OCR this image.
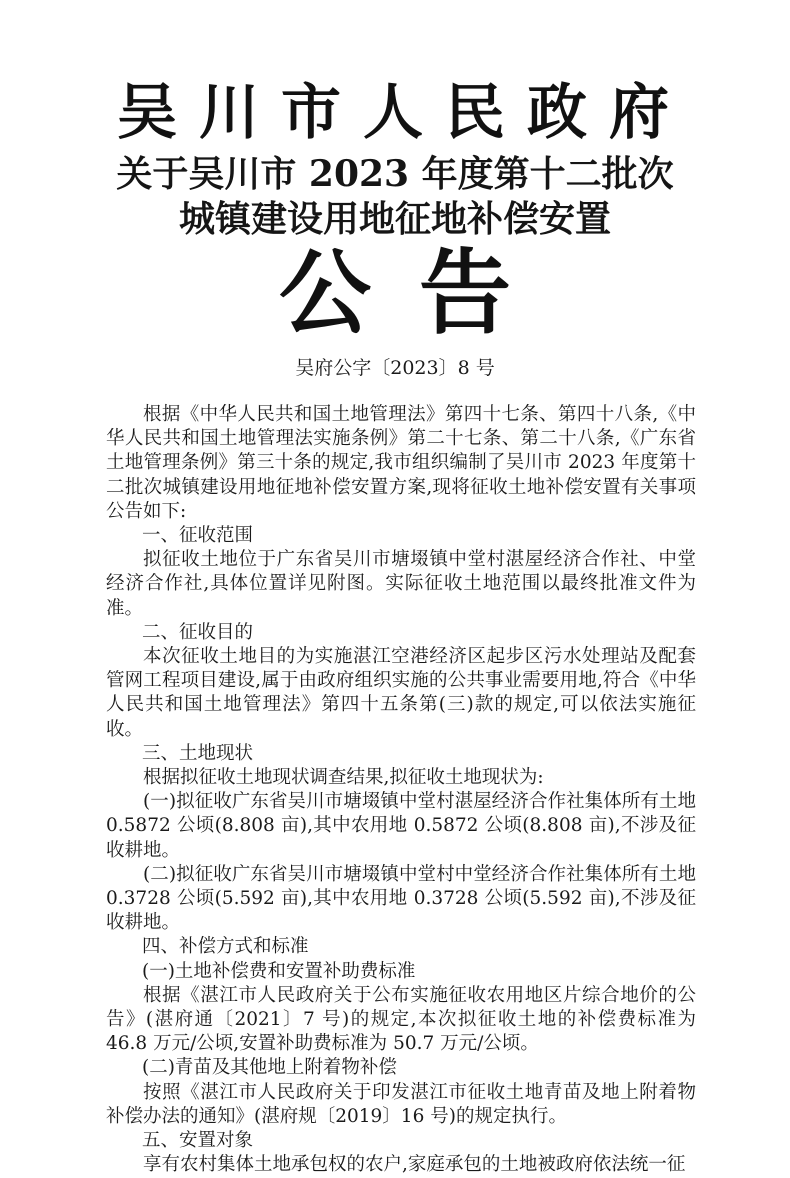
吴川市人民政府
关于吴川市 2023 年度第十二批次
城镇建设用地征地补偿安置
公告
吴府公字〔2023〕8 号

根据《中华人民共和国土地管理法》第四十七条、第四十八条,《中华人民共和国土地管理法实施条例》第二十七条、第二十八条,《广东省土地管理条例》第三十条的规定,我市组织编制了吴川市 2023 年度第十二批次城镇建设用地征地补偿安置方案,现将征收土地补偿安置有关事项公告如下:

一、征收范围

拟征收土地位于广东省吴川市塘㙍镇中堂村湛屋经济合作社、中堂经济合作社,具体位置详见附图。实际征收土地范围以最终批准文件为准。

二、征收目的

本次征收土地目的为实施湛江空港经济区起步区污水处理站及配套管网工程项目建设,属于由政府组织实施的公共事业需要用地,符合《中华人民共和国土地管理法》第四十五条第(三)款的规定,可以依法实施征收。

三、土地现状

根据拟征收土地现状调查结果,拟征收土地现状为:

(一)拟征收广东省吴川市塘㙍镇中堂村湛屋经济合作社集体所有土地 0.5872 公顷(8.808 亩),其中农用地 0.5872 公顷(8.808 亩),不涉及征收耕地。

(二)拟征收广东省吴川市塘㙍镇中堂村中堂经济合作社集体所有土地 0.3728 公顷(5.592 亩),其中农用地 0.3728 公顷(5.592 亩),不涉及征收耕地。

四、补偿方式和标准

(一)土地补偿费和安置补助费标准

根据《湛江市人民政府关于公布实施征收农用地区片综合地价的公告》(湛府通〔2021〕7 号)的规定,本次拟征收土地的补偿费标准为 46.8 万元/公顷,安置补助费标准为 50.7 万元/公顷。

(二)青苗及其他地上附着物补偿

按照《湛江市人民政府关于印发湛江市征收土地青苗及地上附着物补偿办法的通知》(湛府规〔2019〕16 号)的规定执行。

五、安置对象

享有农村集体土地承包权的农户,家庭承包的土地被政府依法统一征
